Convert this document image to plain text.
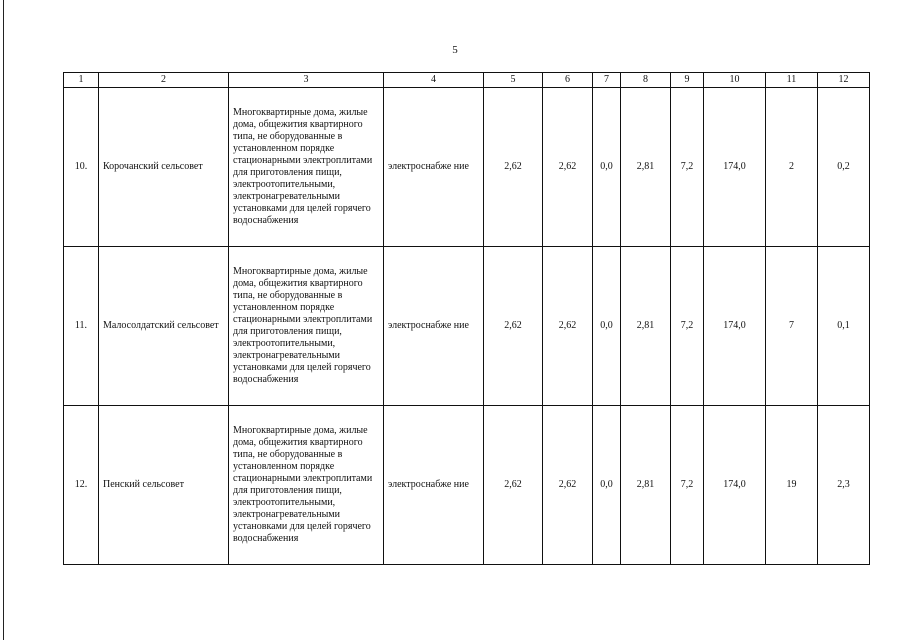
5
1	2	3	4	5	6	7	8	9	10	11	12
10.	Корочанский сельсовет	Многоквартирные дома, жилые дома, общежития квартирного типа, не оборудованные в установленном порядке стационарными электроплитами для приготовления пищи, электроотопительными, электронагревательными установками для целей горячего водоснабжения	электроснабже ние	2,62	2,62	0,0	2,81	7,2	174,0	2	0,2
11.	Малосолдатский сельсовет	Многоквартирные дома, жилые дома, общежития квартирного типа, не оборудованные в установленном порядке стационарными электроплитами для приготовления пищи, электроотопительными, электронагревательными установками для целей горячего водоснабжения	электроснабже ние	2,62	2,62	0,0	2,81	7,2	174,0	7	0,1
12.	Пенский сельсовет	Многоквартирные дома, жилые дома, общежития квартирного типа, не оборудованные в установленном порядке стационарными электроплитами для приготовления пищи, электроотопительными, электронагревательными установками для целей горячего водоснабжения	электроснабже ние	2,62	2,62	0,0	2,81	7,2	174,0	19	2,3
